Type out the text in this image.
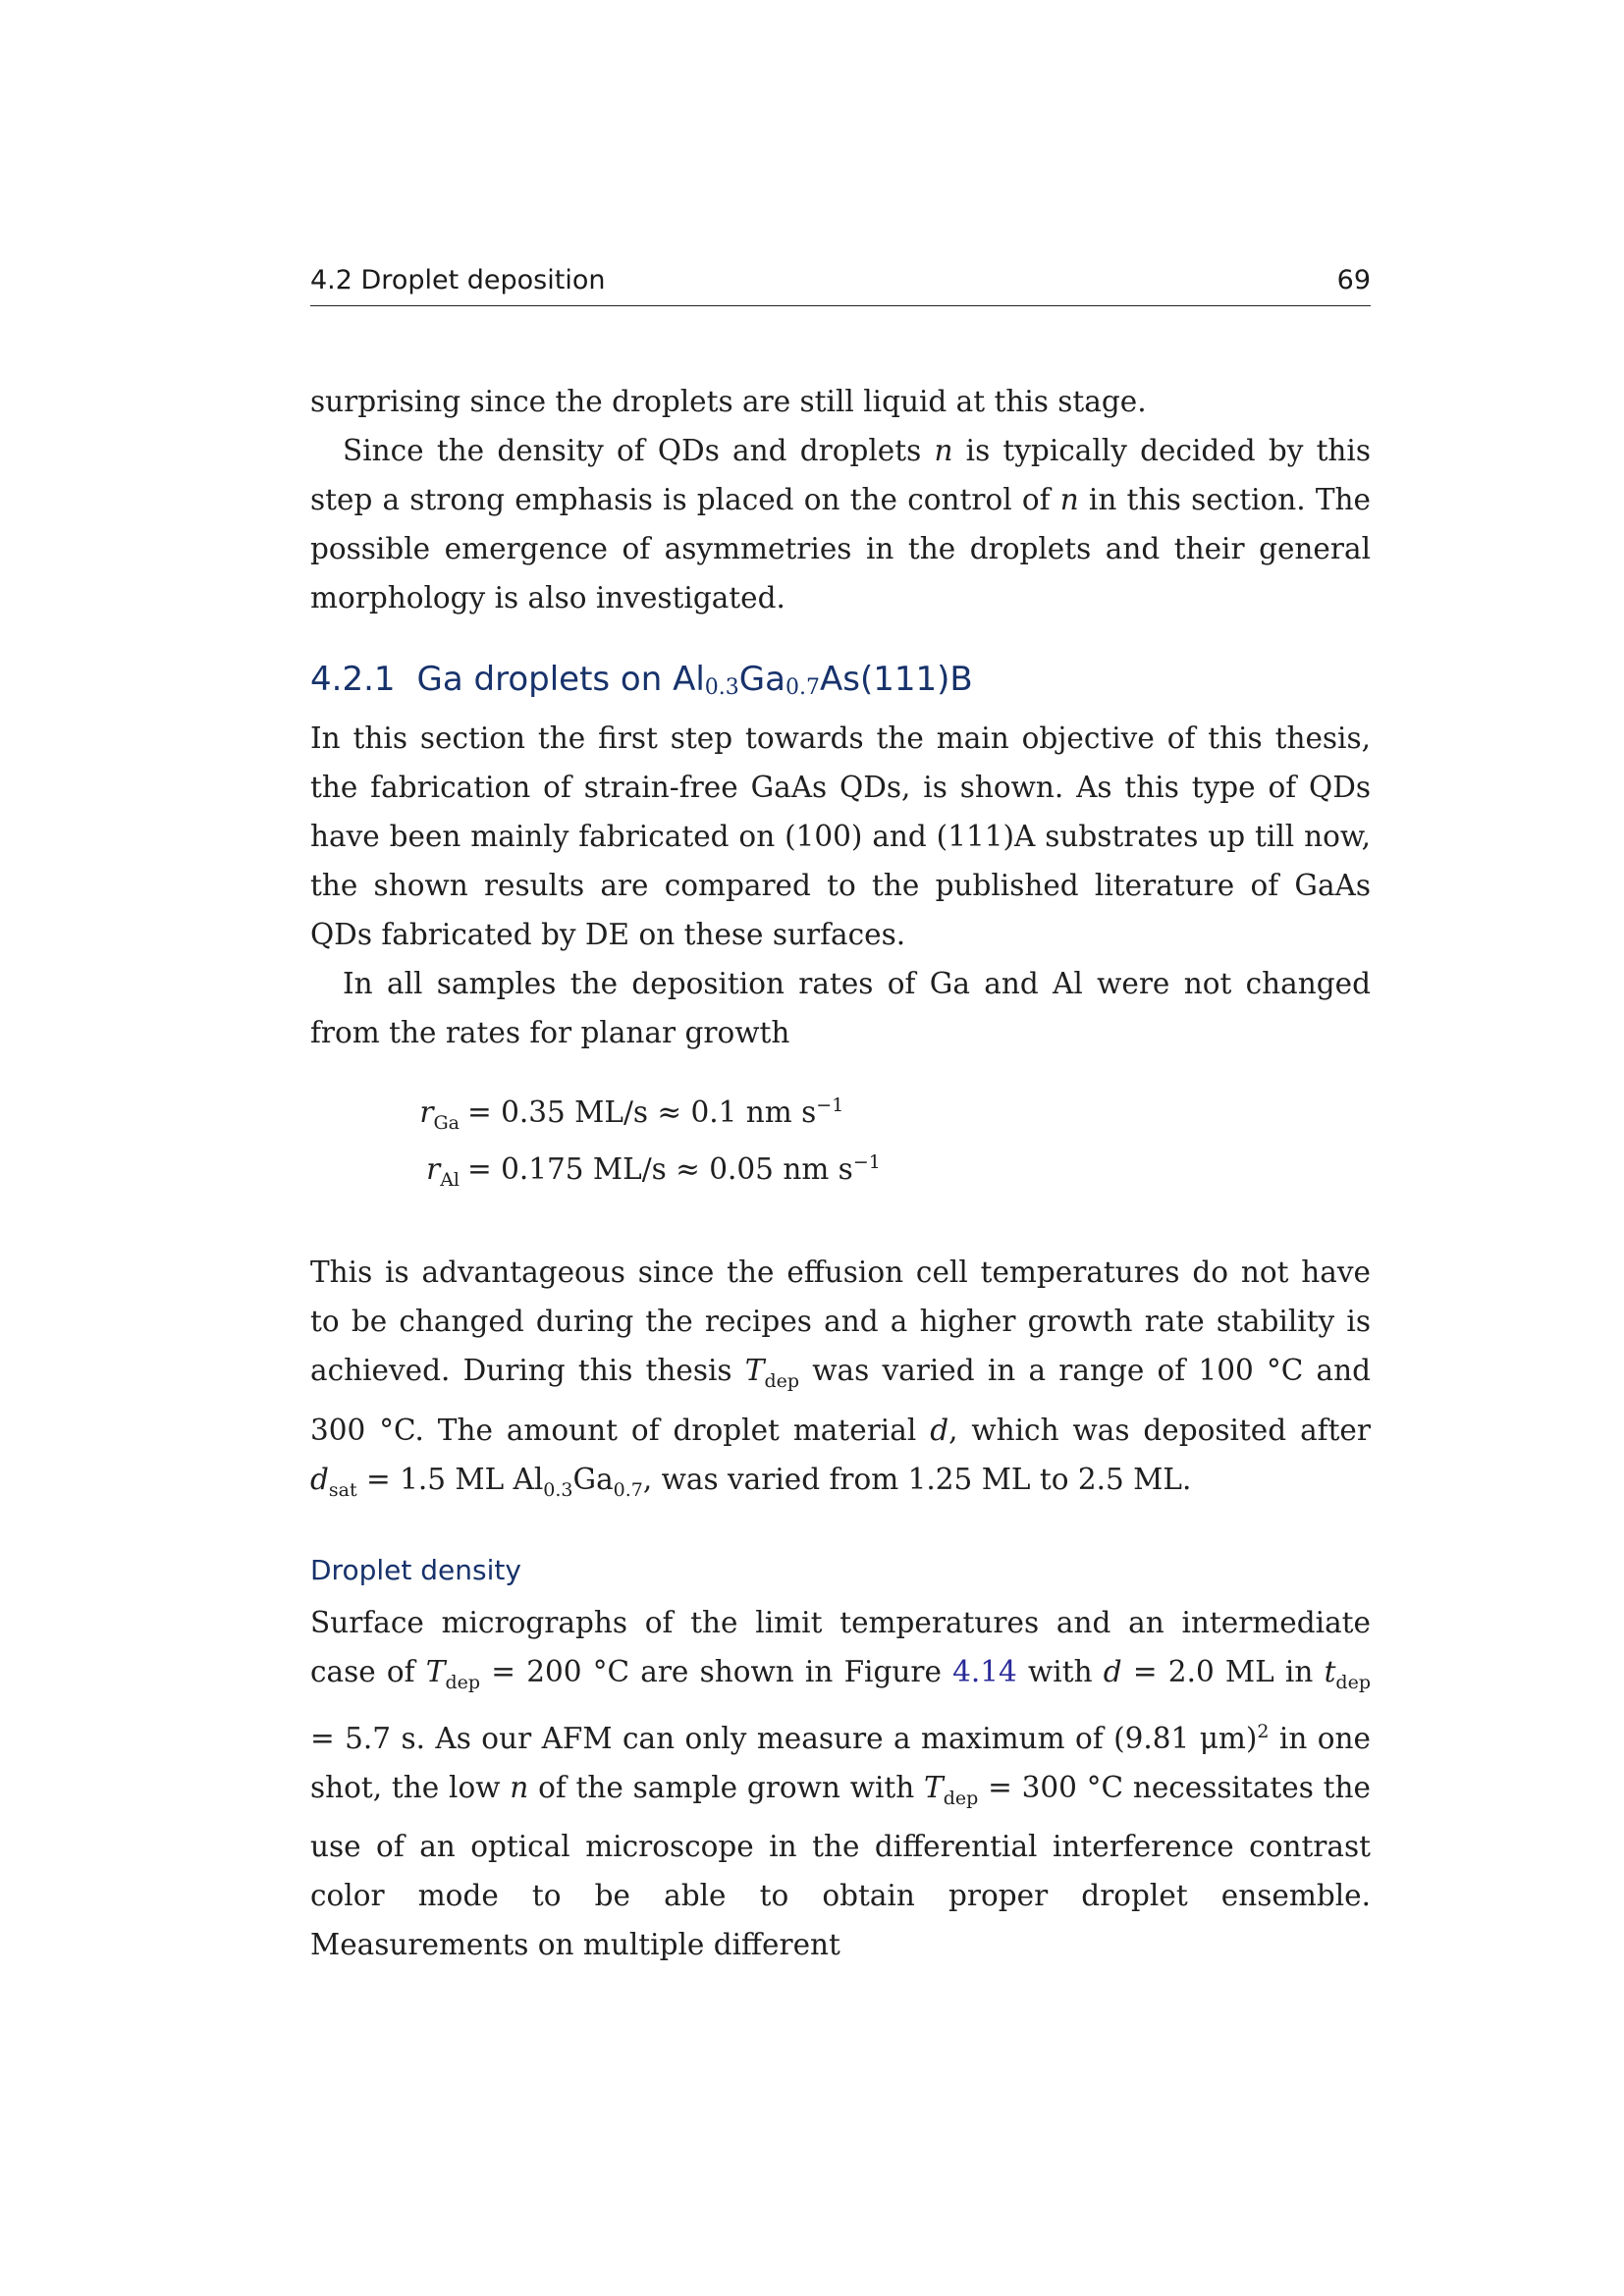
4.2 Droplet deposition	69

surprising since the droplets are still liquid at this stage.

Since the density of QDs and droplets n is typically decided by this step a strong emphasis is placed on the control of n in this section. The possible emergence of asymmetries in the droplets and their general morphology is also investigated.

4.2.1 Ga droplets on $Al_{0.3}Ga_{0.7}As(111)B$

In this section the first step towards the main objective of this thesis, the fabrication of strain-free GaAs QDs, is shown. As this type of QDs have been mainly fabricated on (100) and (111)A substrates up till now, the shown results are compared to the published literature of GaAs QDs fabricated by DE on these surfaces.

In all samples the deposition rates of Ga and Al were not changed from the rates for planar growth

$r_{Ga} = 0.35$ ML/s ≈ 0.1 nm $s^{-1}$
$r_{Al} = 0.175$ ML/s ≈ 0.05 nm $s^{-1}$

This is advantageous since the effusion cell temperatures do not have to be changed during the recipes and a higher growth rate stability is achieved. During this thesis $T_{dep}$ was varied in a range of 100 °C and 300 °C. The amount of droplet material d, which was deposited after $d_{sat} = 1.5$ ML $Al_{0.3}Ga_{0.7}$, was varied from 1.25 ML to 2.5 ML.

Droplet density

Surface micrographs of the limit temperatures and an intermediate case of $T_{dep} = 200$ °C are shown in Figure 4.14 with d = 2.0 ML in $t_{dep} = 5.7$ s. As our AFM can only measure a maximum of (9.81 μm)$^2$ in one shot, the low n of the sample grown with $T_{dep} = 300$ °C necessitates the use of an optical microscope in the differential interference contrast color mode to be able to obtain proper droplet ensemble. Measurements on multiple different
